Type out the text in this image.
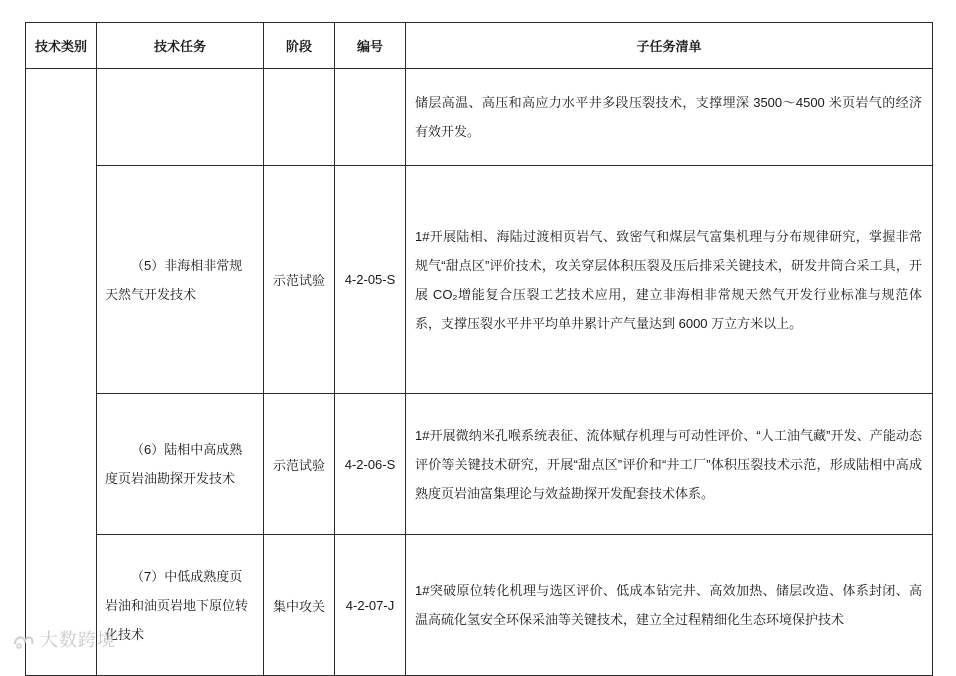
技术类别	技术任务	阶段	编号	子任务清单

				储层高温、高压和高应力水平井多段压裂技术，支撑埋深 3500～4500 米页岩气的经济有效开发。

	（5）非海相非常规天然气开发技术	示范试验	4-2-05-S	1#开展陆相、海陆过渡相页岩气、致密气和煤层气富集机理与分布规律研究，掌握非常规气“甜点区”评价技术，攻关穿层体积压裂及压后排采关键技术，研发井筒合采工具，开展 CO₂增能复合压裂工艺技术应用，建立非海相非常规天然气开发行业标准与规范体系，支撑压裂水平井平均单井累计产气量达到 6000 万立方米以上。

	（6）陆相中高成熟度页岩油勘探开发技术	示范试验	4-2-06-S	1#开展微纳米孔喉系统表征、流体赋存机理与可动性评价、“人工油气藏”开发、产能动态评价等关键技术研究，开展“甜点区”评价和“井工厂”体积压裂技术示范，形成陆相中高成熟度页岩油富集理论与效益勘探开发配套技术体系。

	（7）中低成熟度页岩油和油页岩地下原位转化技术	集中攻关	4-2-07-J	1#突破原位转化机理与选区评价、低成本钻完井、高效加热、储层改造、体系封闭、高温高硫化氢安全环保采油等关键技术，建立全过程精细化生态环境保护技术
大数跨境
